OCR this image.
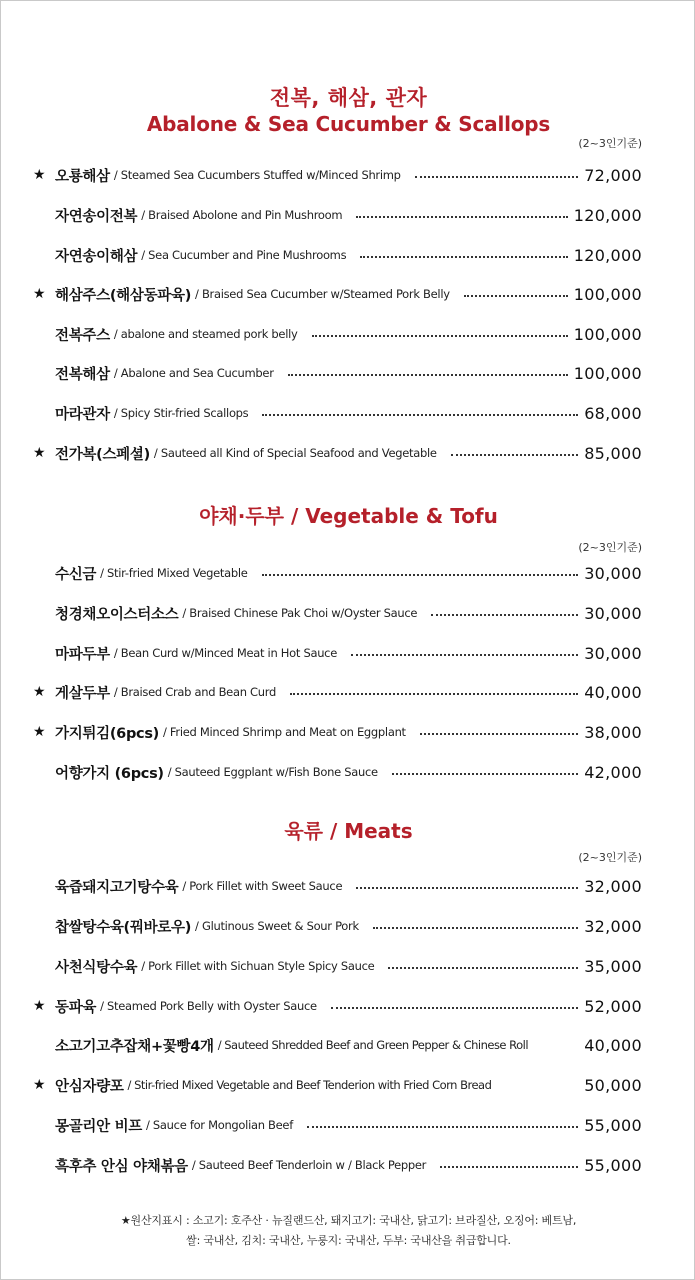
전복, 해삼, 관자
Abalone & Sea Cucumber & Scallops
(2~3인기준)
★ 오룡해삼 / Steamed Sea Cucumbers Stuffed w/Minced Shrimp	72,000
자연송이전복 / Braised Abolone and Pin Mushroom	120,000
자연송이해삼 / Sea Cucumber and Pine Mushrooms	120,000
★ 해삼주스(해삼동파육) / Braised Sea Cucumber w/Steamed Pork Belly	100,000
전복주스 / abalone and steamed pork belly	100,000
전복해삼 / Abalone and Sea Cucumber	100,000
마라관자 / Spicy Stir-fried Scallops	68,000
★ 전가복(스페셜) / Sauteed all Kind of Special Seafood and Vegetable	85,000
야채·두부 / Vegetable & Tofu
(2~3인기준)
수신금 / Stir-fried Mixed Vegetable	30,000
청경채오이스터소스 / Braised Chinese Pak Choi w/Oyster Sauce	30,000
마파두부 / Bean Curd w/Minced Meat in Hot Sauce	30,000
★ 게살두부 / Braised Crab and Bean Curd	40,000
★ 가지튀김(6pcs) / Fried Minced Shrimp and Meat on Eggplant	38,000
어향가지 (6pcs) / Sauteed Eggplant w/Fish Bone Sauce	42,000
육류 / Meats
(2~3인기준)
육즙돼지고기탕수육 / Pork Fillet with Sweet Sauce	32,000
찹쌀탕수육(꿔바로우) / Glutinous Sweet & Sour Pork	32,000
사천식탕수육 / Pork Fillet with Sichuan Style Spicy Sauce	35,000
★ 동파육 / Steamed Pork Belly with Oyster Sauce	52,000
소고기고추잡채+꽃빵4개 / Sauteed Shredded Beef and Green Pepper & Chinese Roll	40,000
★ 안심자량포 / Stir-fried Mixed Vegetable and Beef Tenderion with Fried Corn Bread	50,000
몽골리안 비프 / Sauce for Mongolian Beef	55,000
흑후추 안심 야채볶음 / Sauteed Beef Tenderloin w / Black Pepper	55,000
★원산지표시 : 소고기: 호주산 · 뉴질랜드산, 돼지고기: 국내산, 닭고기: 브라질산, 오징어: 베트남,
쌀: 국내산, 김치: 국내산, 누룽지: 국내산, 두부: 국내산을 취급합니다.
